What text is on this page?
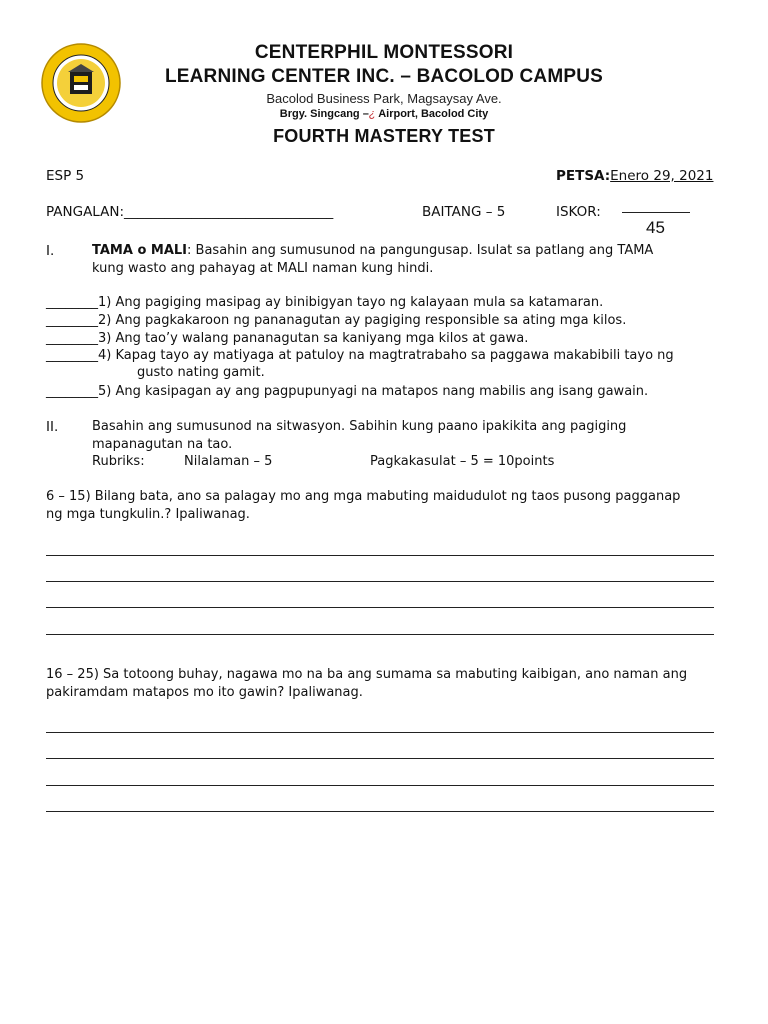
CENTERPHIL MONTESSORI
LEARNING CENTER INC. – BACOLOD CAMPUS
Bacolod Business Park, Magsaysay Ave.
Brgy. Singcang –¿ Airport, Bacolod City
FOURTH MASTERY TEST
ESP 5	PETSA:Enero 29, 2021
PANGALAN:_______________________________	BAITANG – 5	ISKOR:
45
I.	TAMA o MALI: Basahin ang sumusunod na pangungusap. Isulat sa patlang ang TAMA
kung wasto ang pahayag at MALI naman kung hindi.
________1) Ang pagiging masipag ay binibigyan tayo ng kalayaan mula sa katamaran.
________2) Ang pagkakaroon ng pananagutan ay pagiging responsible sa ating mga kilos.
________3) Ang tao’y walang pananagutan sa kaniyang mga kilos at gawa.
________4) Kapag tayo ay matiyaga at patuloy na magtratrabaho sa paggawa makabibili tayo ng
gusto nating gamit.
________5) Ang kasipagan ay ang pagpupunyagi na matapos nang mabilis ang isang gawain.
II.	Basahin ang sumusunod na sitwasyon. Sabihin kung paano ipakikita ang pagiging
mapanagutan na tao.
Rubriks:	Nilalaman – 5	Pagkakasulat – 5 = 10points
6 – 15) Bilang bata, ano sa palagay mo ang mga mabuting maidudulot ng taos pusong pagganap
ng mga tungkulin.? Ipaliwanag.
16 – 25) Sa totoong buhay, nagawa mo na ba ang sumama sa mabuting kaibigan, ano naman ang
pakiramdam matapos mo ito gawin? Ipaliwanag.
